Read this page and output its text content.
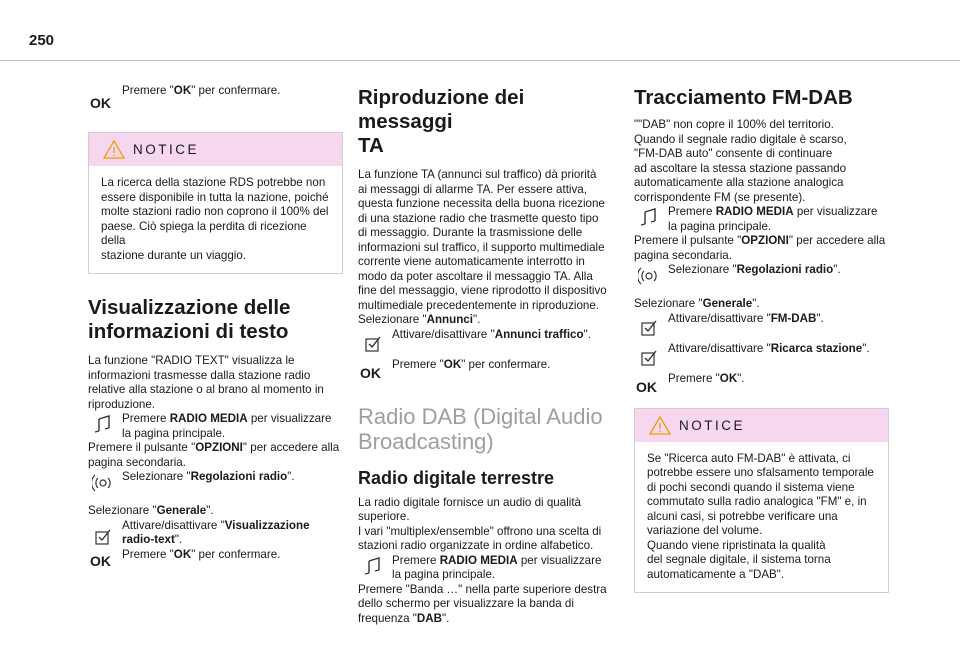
250
OK
Premere "OK" per confermare.
NOTICE
La ricerca della stazione RDS potrebbe non
essere disponibile in tutta la nazione, poiché
molte stazioni radio non coprono il 100% del
paese. Ciò spiega la perdita di ricezione della
stazione durante un viaggio.
Visualizzazione delle
informazioni di testo
La funzione "RADIO TEXT" visualizza le
informazioni trasmesse dalla stazione radio
relative alla stazione o al brano al momento in
riproduzione.
Premere RADIO MEDIA per visualizzare
la pagina principale.
Premere il pulsante "OPZIONI" per accedere alla
pagina secondaria.
Selezionare "Regolazioni radio".
Selezionare "Generale".
Attivare/disattivare "Visualizzazione
radio-text".
OK Premere "OK" per confermare.
Riproduzione dei messaggi
TA
La funzione TA (annunci sul traffico) dà priorità
ai messaggi di allarme TA. Per essere attiva,
questa funzione necessita della buona ricezione
di una stazione radio che trasmette questo tipo
di messaggio. Durante la trasmissione delle
informazioni sul traffico, il supporto multimediale
corrente viene automaticamente interrotto in
modo da poter ascoltare il messaggio TA. Alla
fine del messaggio, viene riprodotto il dispositivo
multimediale precedentemente in riproduzione.
Selezionare "Annunci".
Attivare/disattivare "Annunci traffico".
OK
Premere "OK" per confermare.
Radio DAB (Digital Audio
Broadcasting)
Radio digitale terrestre
La radio digitale fornisce un audio di qualità
superiore.
I vari "multiplex/ensemble" offrono una scelta di
stazioni radio organizzate in ordine alfabetico.
Premere RADIO MEDIA per visualizzare
la pagina principale.
Premere "Banda …" nella parte superiore destra
dello schermo per visualizzare la banda di
frequenza "DAB".
Tracciamento FM-DAB
""DAB" non copre il 100% del territorio.
Quando il segnale radio digitale è scarso,
"FM-DAB auto" consente di continuare
ad ascoltare la stessa stazione passando
automaticamente alla stazione analogica
corrispondente FM (se presente).
Premere RADIO MEDIA per visualizzare
la pagina principale.
Premere il pulsante "OPZIONI" per accedere alla
pagina secondaria.
Selezionare "Regolazioni radio".
Selezionare "Generale".
Attivare/disattivare "FM-DAB".
Attivare/disattivare "Ricarca stazione".
OK
Premere "OK".
NOTICE
Se "Ricerca auto FM-DAB" è attivata, ci
potrebbe essere uno sfalsamento temporale
di pochi secondi quando il sistema viene
commutato sulla radio analogica "FM" e, in
alcuni casi, si potrebbe verificare una
variazione del volume.
Quando viene ripristinata la qualità
del segnale digitale, il sistema torna
automaticamente a "DAB".
